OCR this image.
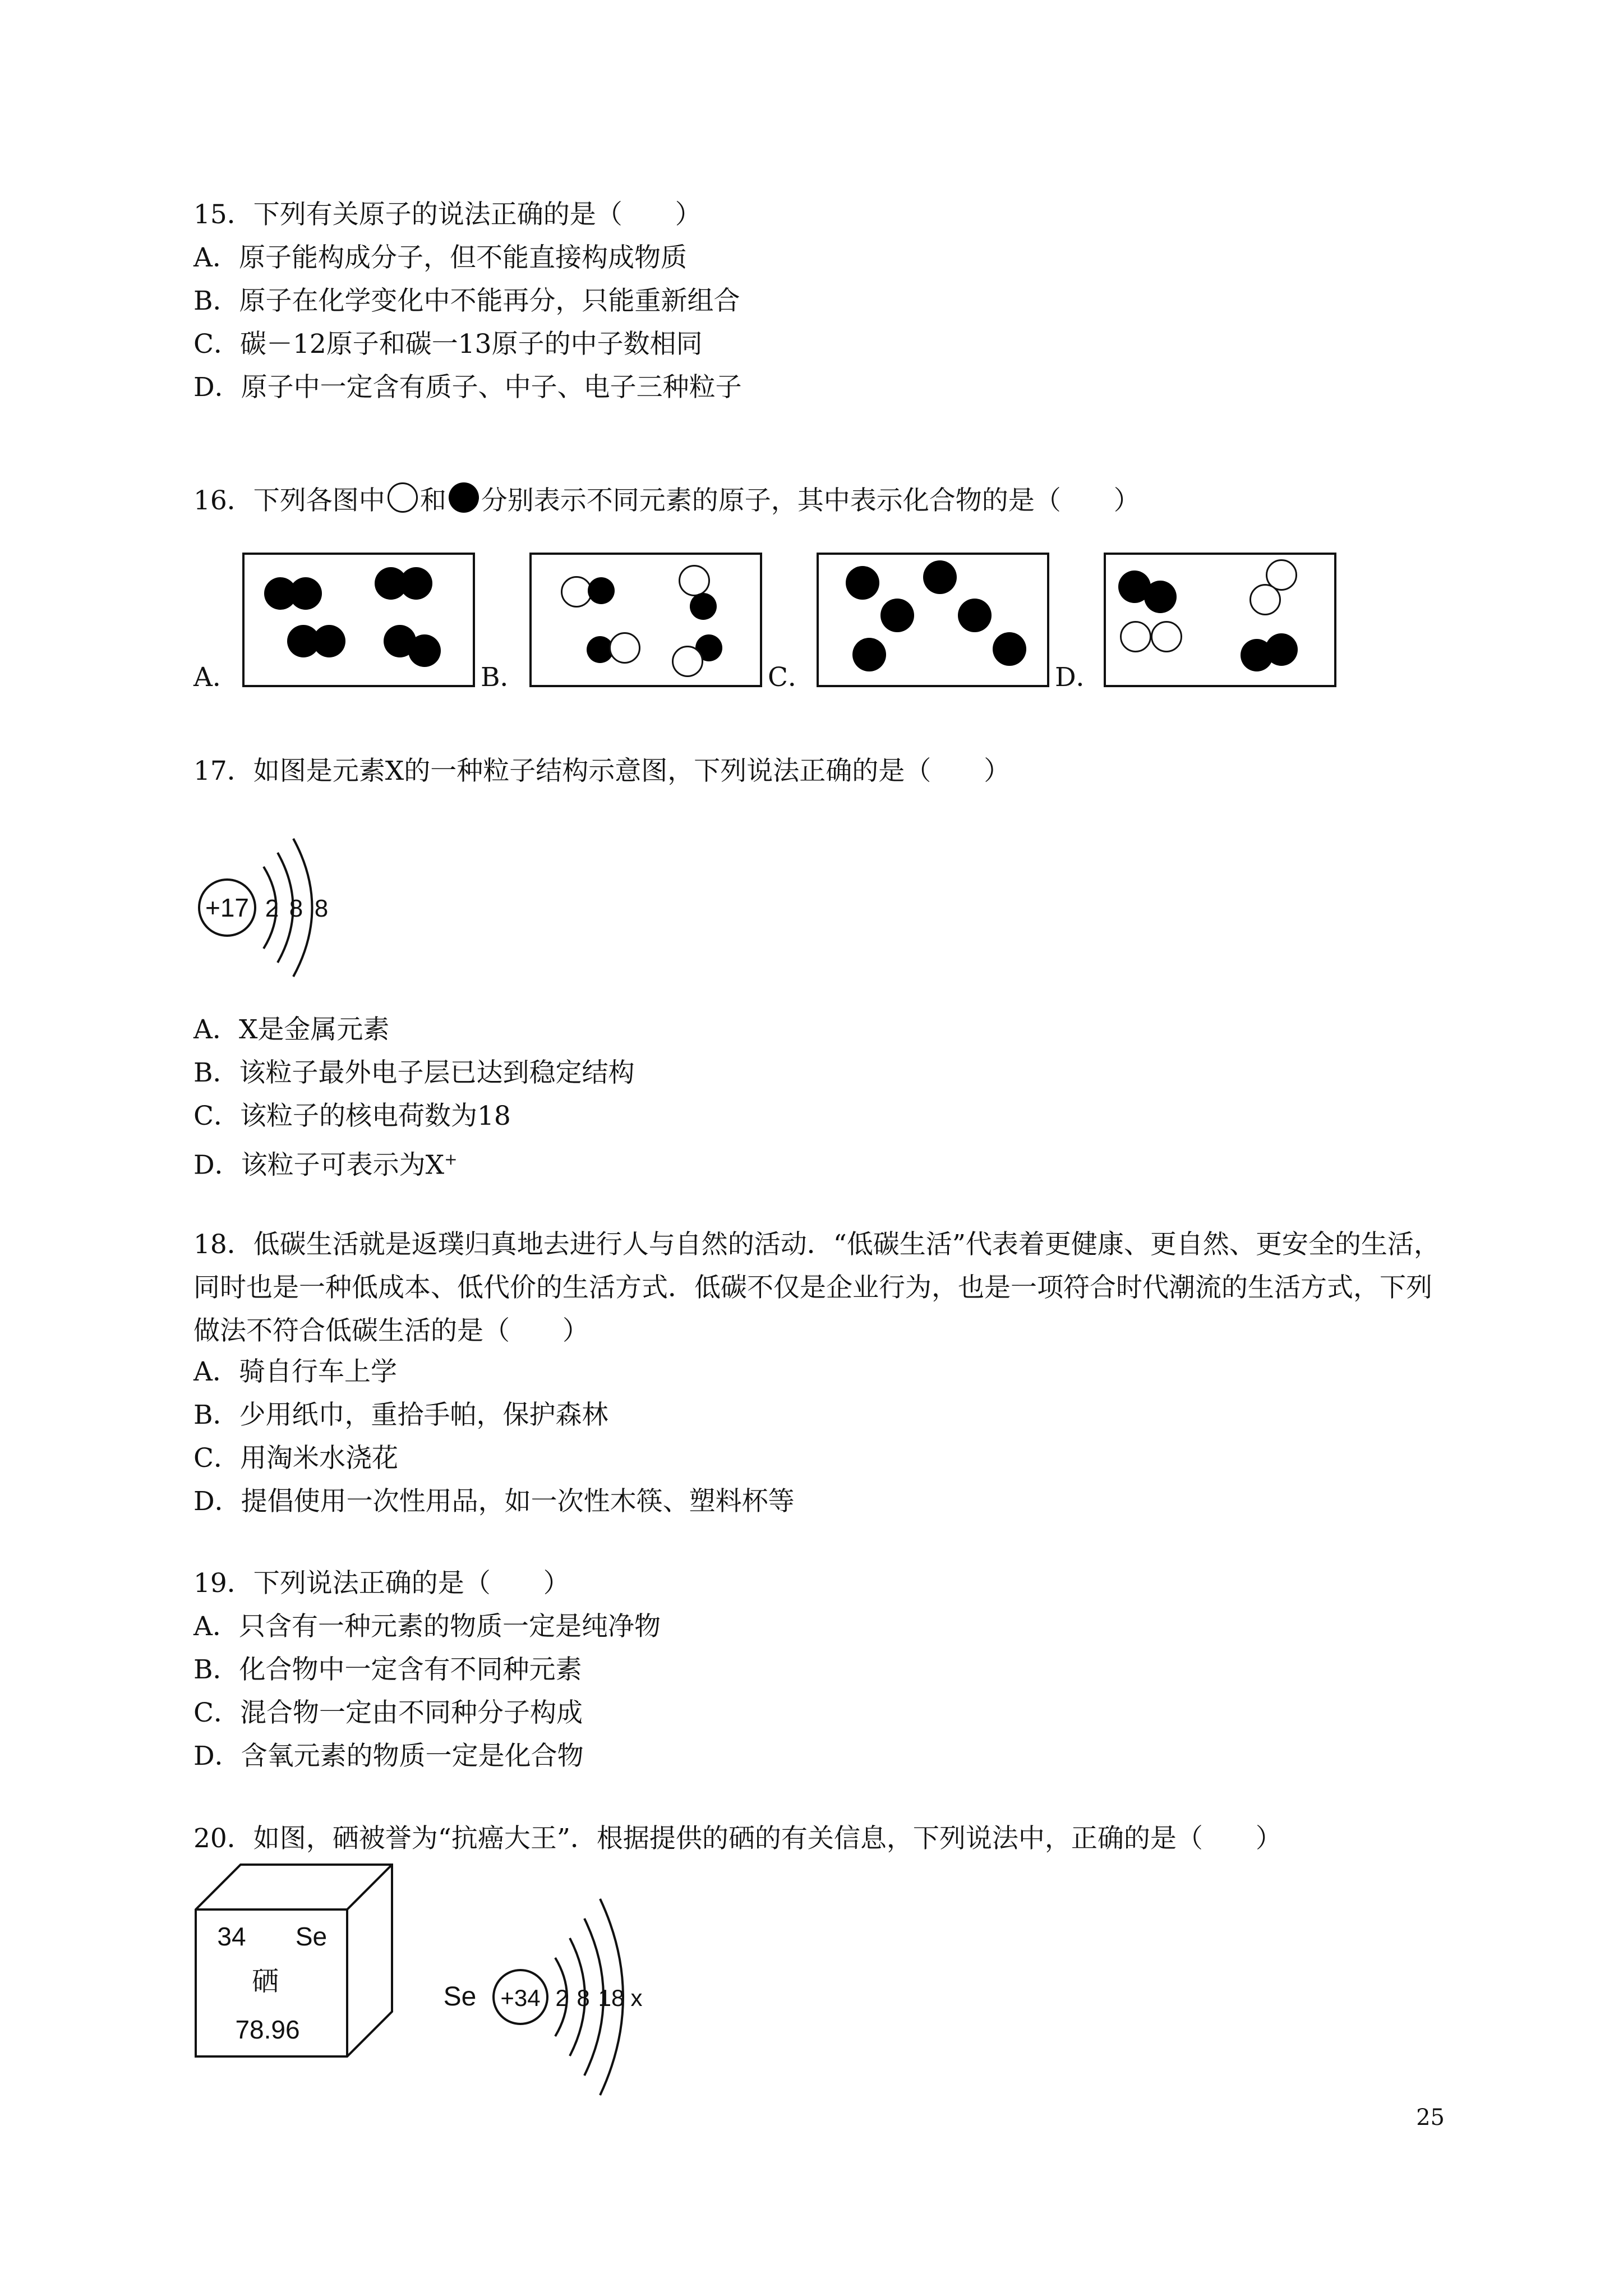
15．下列有关原子的说法正确的是（　　）
A．原子能构成分子，但不能直接构成物质
B．原子在化学变化中不能再分，只能重新组合
C．碳－12原子和碳一13原子的中子数相同
D．原子中一定含有质子、中子、电子三种粒子
16．下列各图中 和 分别表示不同元素的原子，其中表示化合物的是（　　）
A．	B．	C．	D．
17．如图是元素X的一种粒子结构示意图，下列说法正确的是（　　）
+17 2 8 8
A．X是金属元素
B．该粒子最外电子层已达到稳定结构
C．该粒子的核电荷数为18
D．该粒子可表示为X+
18．低碳生活就是返璞归真地去进行人与自然的活动．“低碳生活”代表着更健康、更自然、更安全的生活，同时也是一种低成本、低代价的生活方式．低碳不仅是企业行为，也是一项符合时代潮流的生活方式，下列做法不符合低碳生活的是（　　）
A．骑自行车上学
B．少用纸巾，重拾手帕，保护森林
C．用淘米水浇花
D．提倡使用一次性用品，如一次性木筷、塑料杯等
19．下列说法正确的是（　　）
A．只含有一种元素的物质一定是纯净物
B．化合物中一定含有不同种元素
C．混合物一定由不同种分子构成
D．含氧元素的物质一定是化合物
20．如图，硒被誉为“抗癌大王”．根据提供的硒的有关信息，下列说法中，正确的是（　　）
34 Se
硒
78.96
Se +34 2 8 18 x
25
